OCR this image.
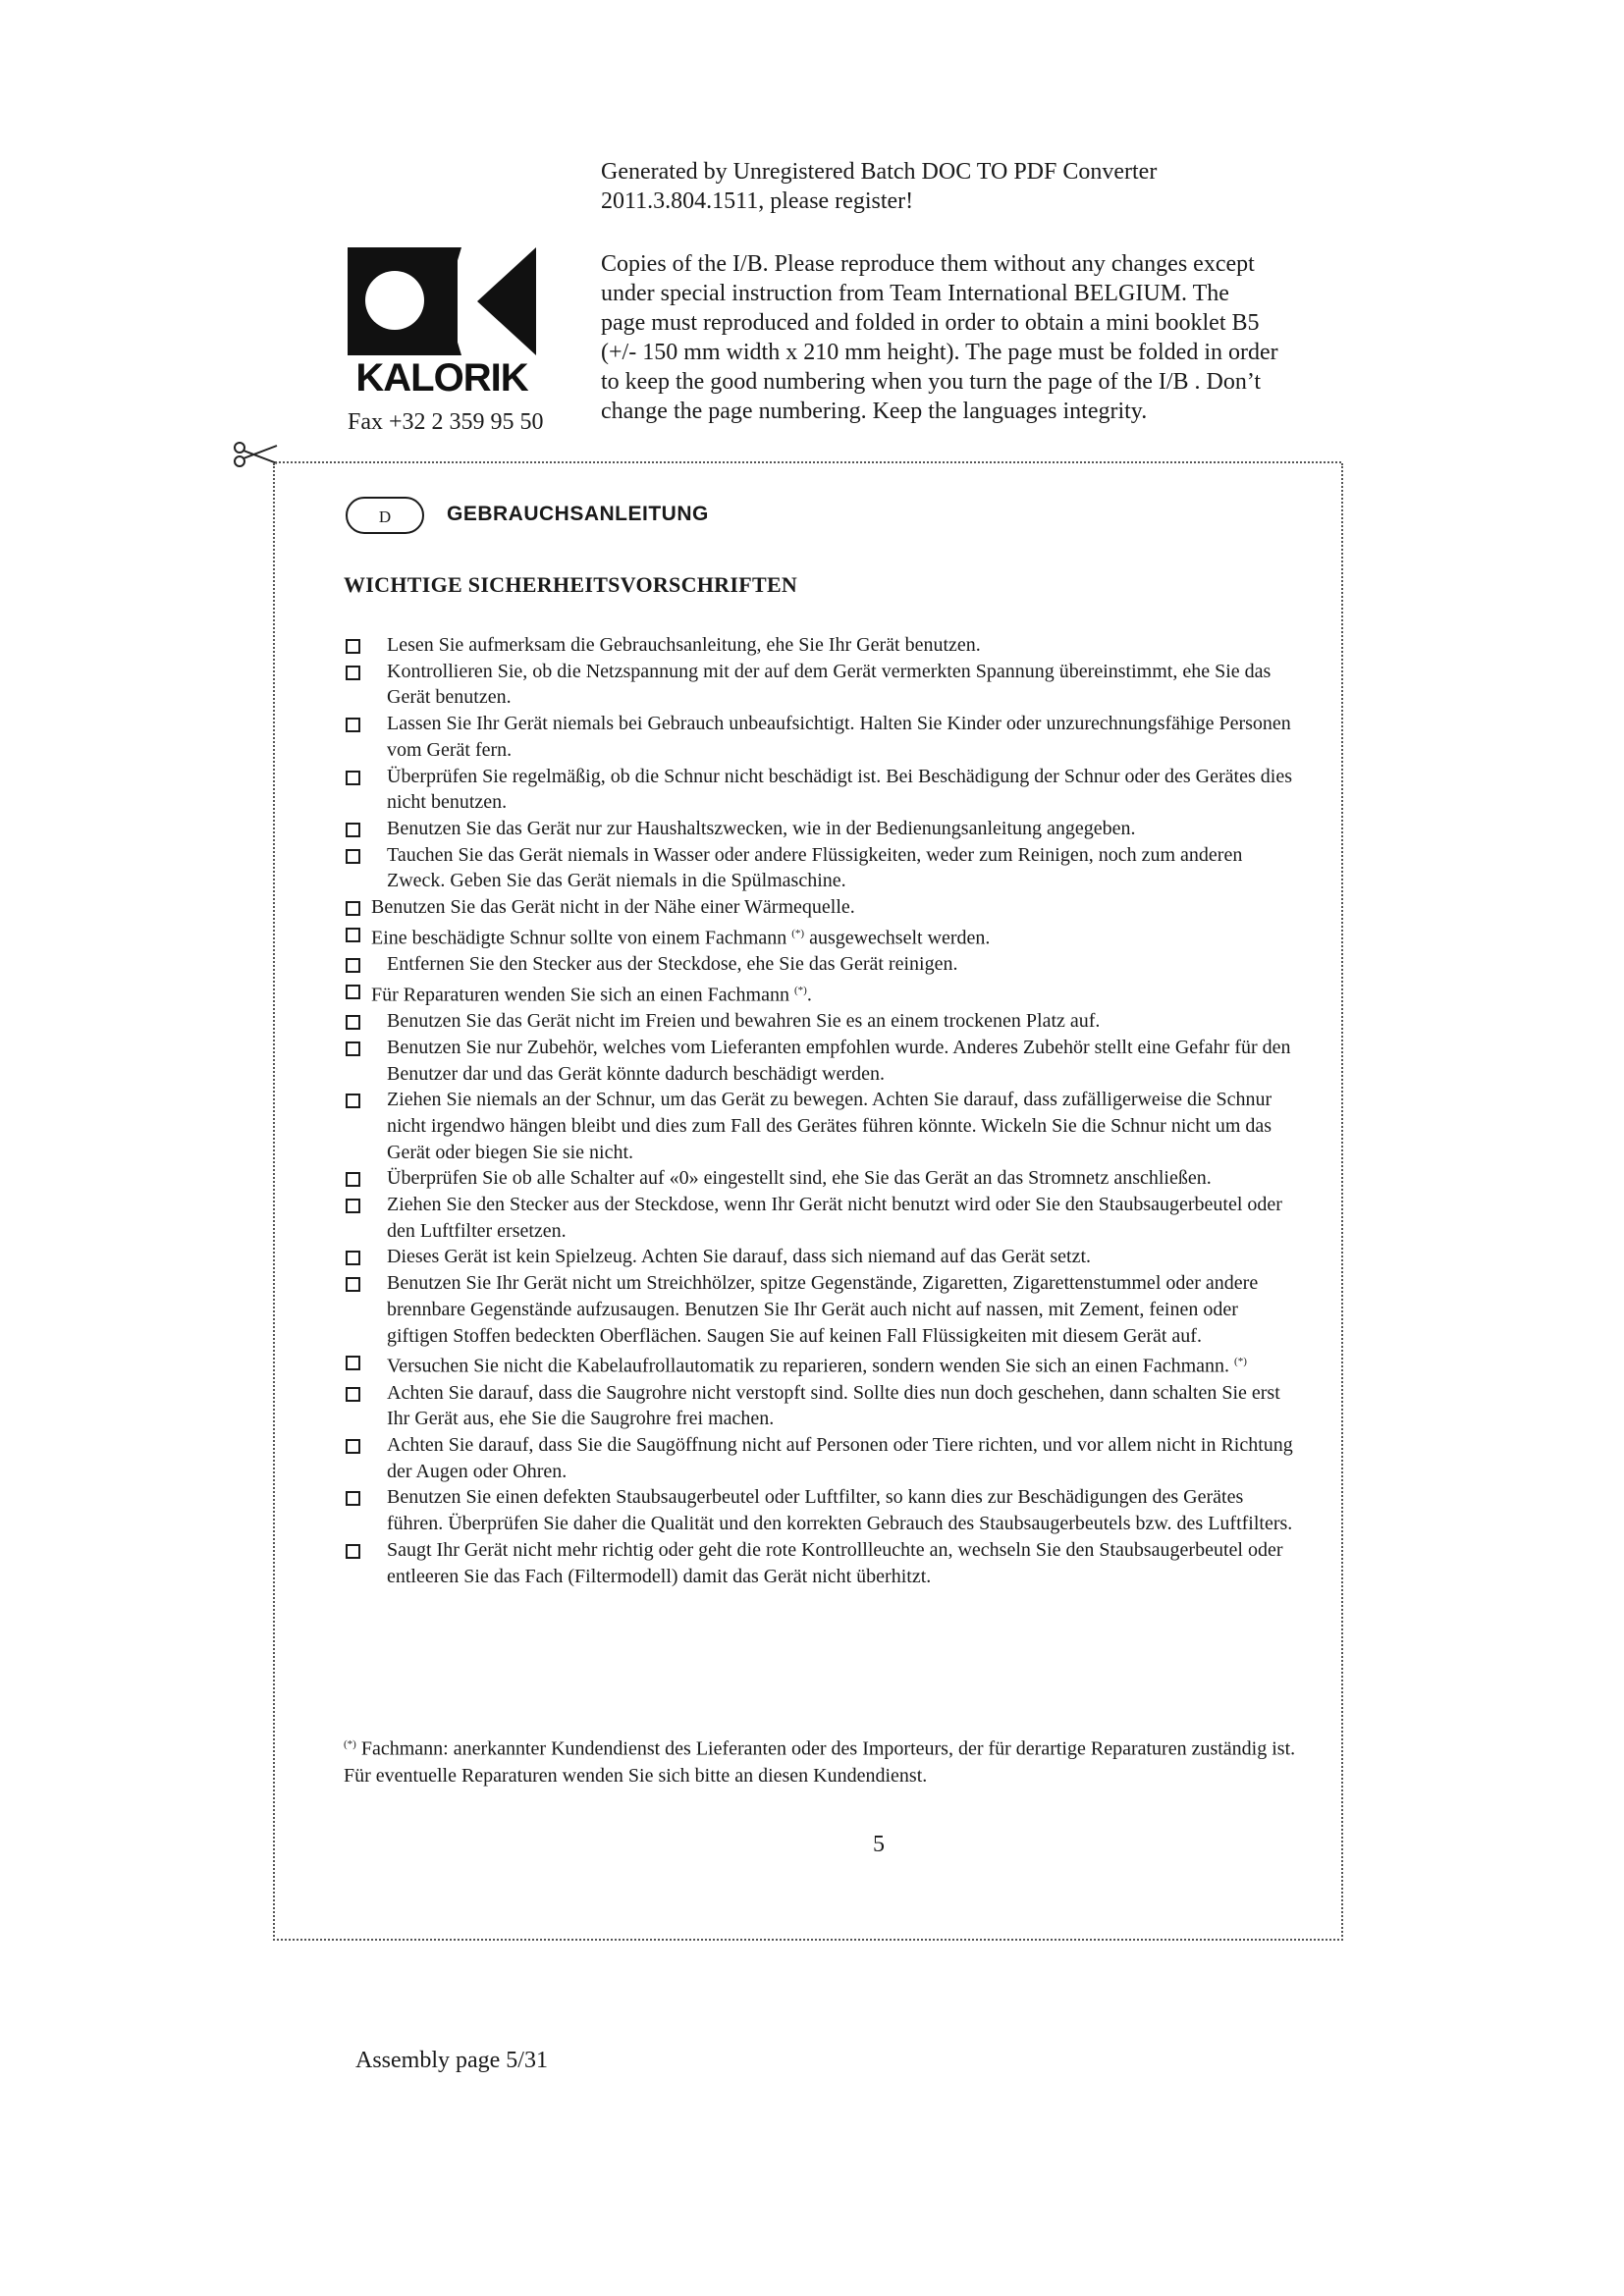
Generated by Unregistered Batch DOC TO PDF Converter 2011.3.804.1511, please register!
KALORIK
Fax +32 2 359 95 50
Copies of the I/B. Please reproduce them without any changes except under special instruction from Team International BELGIUM. The page must reproduced and folded in order to obtain a mini booklet B5 (+/- 150 mm width x 210 mm height). The page must be folded in order to keep the good numbering when you turn the page of the I/B . Don’t change the page numbering. Keep the languages integrity.
D	GEBRAUCHSANLEITUNG
WICHTIGE SICHERHEITSVORSCHRIFTEN
Lesen Sie aufmerksam die Gebrauchsanleitung, ehe Sie Ihr Gerät benutzen.
Kontrollieren Sie, ob die Netzspannung mit der auf dem Gerät vermerkten Spannung übereinstimmt, ehe Sie das Gerät benutzen.
Lassen Sie Ihr Gerät niemals bei Gebrauch unbeaufsichtigt. Halten Sie Kinder oder unzurechnungsfähige Personen vom Gerät fern.
Überprüfen Sie regelmäßig, ob die Schnur nicht beschädigt ist. Bei Beschädigung der Schnur oder des Gerätes dies nicht benutzen.
Benutzen Sie das Gerät nur zur Haushaltszwecken, wie in der Bedienungsanleitung angegeben.
Tauchen Sie das Gerät niemals in Wasser oder andere Flüssigkeiten, weder zum Reinigen, noch zum anderen Zweck. Geben Sie das Gerät niemals in die Spülmaschine.
Benutzen Sie das Gerät nicht in der Nähe einer Wärmequelle.
Eine beschädigte Schnur sollte von einem Fachmann (*) ausgewechselt werden.
Entfernen Sie den Stecker aus der Steckdose, ehe Sie das Gerät reinigen.
Für Reparaturen wenden Sie sich an einen Fachmann (*).
Benutzen Sie das Gerät nicht im Freien und bewahren Sie es an einem trockenen Platz auf.
Benutzen Sie nur Zubehör, welches vom Lieferanten empfohlen wurde. Anderes Zubehör stellt eine Gefahr für den Benutzer dar und das Gerät könnte dadurch beschädigt werden.
Ziehen Sie niemals an der Schnur, um das Gerät zu bewegen. Achten Sie darauf, dass zufälligerweise die Schnur nicht irgendwo hängen bleibt und dies zum Fall des Gerätes führen könnte. Wickeln Sie die Schnur nicht um das Gerät oder biegen Sie sie nicht.
Überprüfen Sie ob alle Schalter auf «0» eingestellt sind, ehe Sie das Gerät an das Stromnetz anschließen.
Ziehen Sie den Stecker aus der Steckdose, wenn Ihr Gerät nicht benutzt wird oder Sie den Staubsaugerbeutel oder den Luftfilter ersetzen.
Dieses Gerät ist kein Spielzeug. Achten Sie darauf, dass sich niemand auf das Gerät setzt.
Benutzen Sie Ihr Gerät nicht um Streichhölzer, spitze Gegenstände, Zigaretten, Zigarettenstummel oder andere brennbare Gegenstände aufzusaugen. Benutzen Sie Ihr Gerät auch nicht auf nassen, mit Zement, feinen oder giftigen Stoffen bedeckten Oberflächen. Saugen Sie auf keinen Fall Flüssigkeiten mit diesem Gerät auf.
Versuchen Sie nicht die Kabelaufrollautomatik zu reparieren, sondern wenden Sie sich an einen Fachmann. (*)
Achten Sie darauf, dass die Saugrohre nicht verstopft sind. Sollte dies nun doch geschehen, dann schalten Sie erst Ihr Gerät aus, ehe Sie die Saugrohre frei machen.
Achten Sie darauf, dass Sie die Saugöffnung nicht auf Personen oder Tiere richten, und vor allem nicht in Richtung der Augen oder Ohren.
Benutzen Sie einen defekten Staubsaugerbeutel oder Luftfilter, so kann dies zur Beschädigungen des Gerätes führen. Überprüfen Sie daher die Qualität und den korrekten Gebrauch des Staubsaugerbeutels bzw. des Luftfilters.
Saugt Ihr Gerät nicht mehr richtig oder geht die rote Kontrollleuchte an, wechseln Sie den Staubsaugerbeutel oder entleeren Sie das Fach (Filtermodell) damit das Gerät nicht überhitzt.
(*) Fachmann: anerkannter Kundendienst des Lieferanten oder des Importeurs, der für derartige Reparaturen zuständig ist. Für eventuelle Reparaturen wenden Sie sich bitte an diesen Kundendienst.
5
Assembly page 5/31
